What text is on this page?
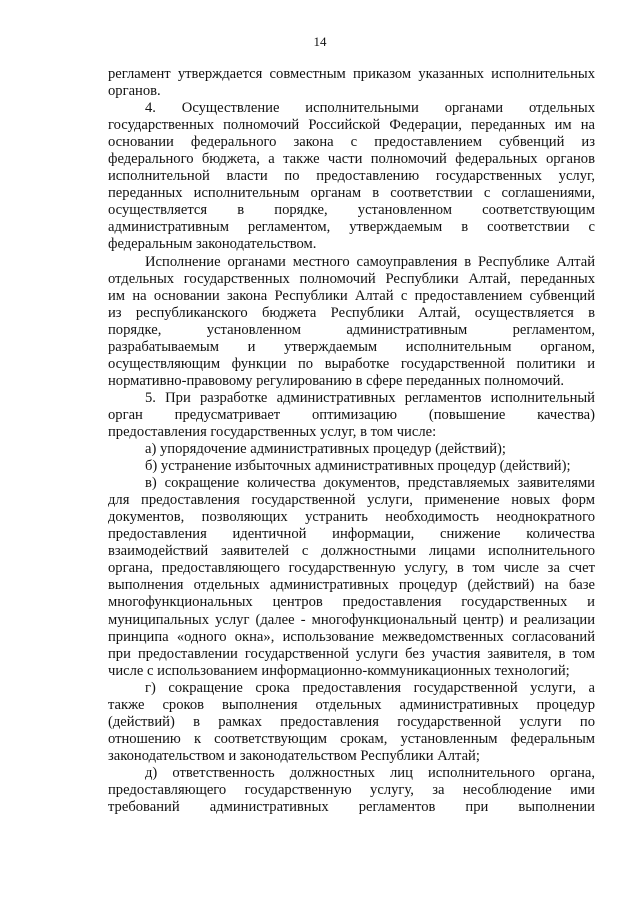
14
регламент утверждается совместным приказом указанных исполнительных
органов.
4. Осуществление исполнительными органами отдельных
государственных полномочий Российской Федерации, переданных им на
основании федерального закона с предоставлением субвенций из
федерального бюджета, а также части полномочий федеральных органов
исполнительной власти по предоставлению государственных услуг,
переданных исполнительным органам в соответствии с соглашениями,
осуществляется в порядке, установленном соответствующим
административным регламентом, утверждаемым в соответствии с
федеральным законодательством.
Исполнение органами местного самоуправления в Республике Алтай
отдельных государственных полномочий Республики Алтай, переданных
им на основании закона Республики Алтай с предоставлением субвенций
из республиканского бюджета Республики Алтай, осуществляется в
порядке, установленном административным регламентом,
разрабатываемым и утверждаемым исполнительным органом,
осуществляющим функции по выработке государственной политики и
нормативно-правовому регулированию в сфере переданных полномочий.
5. При разработке административных регламентов исполнительный
орган предусматривает оптимизацию (повышение качества)
предоставления государственных услуг, в том числе:
а) упорядочение административных процедур (действий);
б) устранение избыточных административных процедур (действий);
в) сокращение количества документов, представляемых заявителями
для предоставления государственной услуги, применение новых форм
документов, позволяющих устранить необходимость неоднократного
предоставления идентичной информации, снижение количества
взаимодействий заявителей с должностными лицами исполнительного
органа, предоставляющего государственную услугу, в том числе за счет
выполнения отдельных административных процедур (действий) на базе
многофункциональных центров предоставления государственных и
муниципальных услуг (далее - многофункциональный центр) и реализации
принципа «одного окна», использование межведомственных согласований
при предоставлении государственной услуги без участия заявителя, в том
числе с использованием информационно-коммуникационных технологий;
г) сокращение срока предоставления государственной услуги, а
также сроков выполнения отдельных административных процедур
(действий) в рамках предоставления государственной услуги по
отношению к соответствующим срокам, установленным федеральным
законодательством и законодательством Республики Алтай;
д) ответственность должностных лиц исполнительного органа,
предоставляющего государственную услугу, за несоблюдение ими
требований административных регламентов при выполнении
